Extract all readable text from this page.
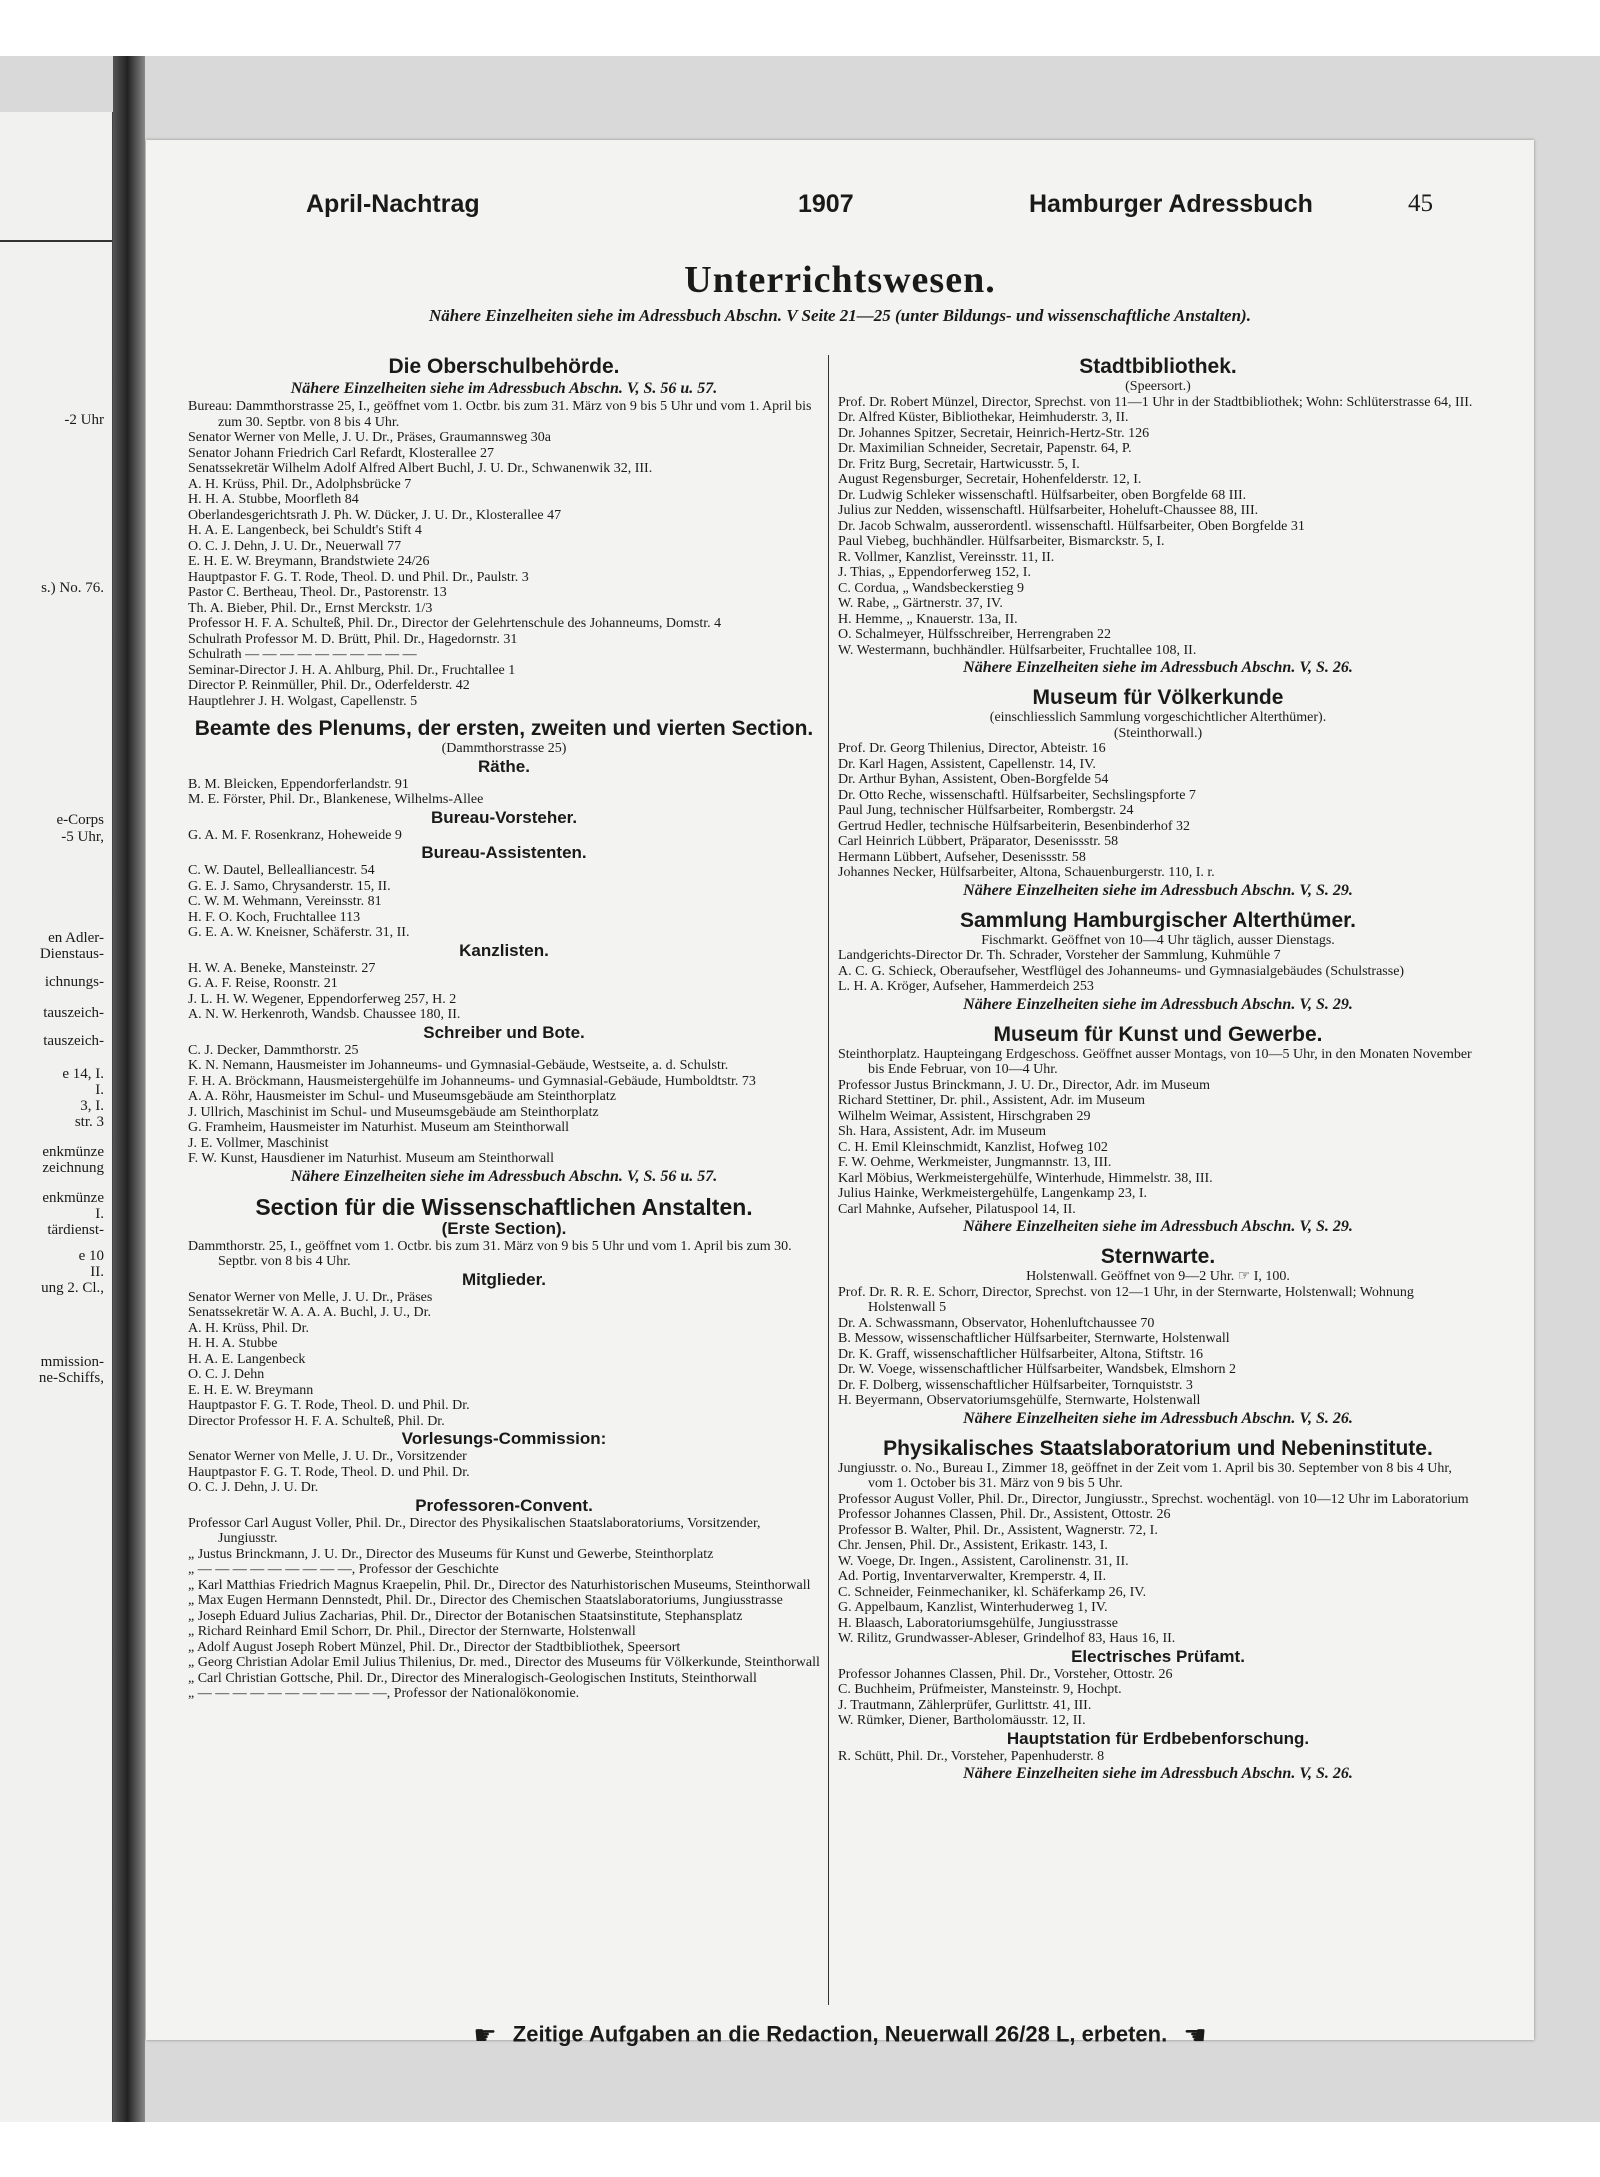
-2 Uhr
s.) No. 76.
e-Corps
-5 Uhr,
en Adler-
Dienstaus-
ichnungs-
tauszeich-
tauszeich-
e 14, I.
I.
3, I.
str. 3
enkmünze
zeichnung
enkmünze
I.
tärdienst-
e 10
II.
ung 2. Cl.,
mmission-
ne-Schiffs,
April-Nachtrag	1907	Hamburger Adressbuch	45
Unterrichtswesen.
Nähere Einzelheiten siehe im Adressbuch Abschn. V Seite 21—25 (unter Bildungs- und wissenschaftliche Anstalten).
Die Oberschulbehörde.
Nähere Einzelheiten siehe im Adressbuch Abschn. V, S. 56 u. 57.
Bureau: Dammthorstrasse 25, I., geöffnet vom 1. Octbr. bis zum 31. März von 9 bis 5 Uhr und vom 1. April bis zum 30. Septbr. von 8 bis 4 Uhr.
Senator Werner von Melle, J. U. Dr., Präses, Graumannsweg 30a
Senator Johann Friedrich Carl Refardt, Klosterallee 27
Senatssekretär Wilhelm Adolf Alfred Albert Buchl, J. U. Dr., Schwanenwik 32, III.
A. H. Krüss, Phil. Dr., Adolphsbrücke 7
H. H. A. Stubbe, Moorfleth 84
Oberlandesgerichtsrath J. Ph. W. Dücker, J. U. Dr., Klosterallee 47
H. A. E. Langenbeck, bei Schuldt's Stift 4
O. C. J. Dehn, J. U. Dr., Neuerwall 77
E. H. E. W. Breymann, Brandstwiete 24/26
Hauptpastor F. G. T. Rode, Theol. D. und Phil. Dr., Paulstr. 3
Pastor C. Bertheau, Theol. Dr., Pastorenstr. 13
Th. A. Bieber, Phil. Dr., Ernst Merckstr. 1/3
Professor H. F. A. Schulteß, Phil. Dr., Director der Gelehrtenschule des Johanneums, Domstr. 4
Schulrath Professor M. D. Brütt, Phil. Dr., Hagedornstr. 31
Schulrath — — — — — — — — — —
Seminar-Director J. H. A. Ahlburg, Phil. Dr., Fruchtallee 1
Director P. Reinmüller, Phil. Dr., Oderfelderstr. 42
Hauptlehrer J. H. Wolgast, Capellenstr. 5
Beamte des Plenums, der ersten, zweiten und vierten Section.
(Dammthorstrasse 25)
Räthe.
B. M. Bleicken, Eppendorferlandstr. 91
M. E. Förster, Phil. Dr., Blankenese, Wilhelms-Allee
Bureau-Vorsteher.
G. A. M. F. Rosenkranz, Hoheweide 9
Bureau-Assistenten.
C. W. Dautel, Bellealliancestr. 54
G. E. J. Samo, Chrysanderstr. 15, II.
C. W. M. Wehmann, Vereinsstr. 81
H. F. O. Koch, Fruchtallee 113
G. E. A. W. Kneisner, Schäferstr. 31, II.
Kanzlisten.
H. W. A. Beneke, Mansteinstr. 27
G. A. F. Reise, Roonstr. 21
J. L. H. W. Wegener, Eppendorferweg 257, H. 2
A. N. W. Herkenroth, Wandsb. Chaussee 180, II.
Schreiber und Bote.
C. J. Decker, Dammthorstr. 25
K. N. Nemann, Hausmeister im Johanneums- und Gymnasial-Gebäude, Westseite, a. d. Schulstr.
F. H. A. Bröckmann, Hausmeistergehülfe im Johanneums- und Gymnasial-Gebäude, Humboldtstr. 73
A. A. Röhr, Hausmeister im Schul- und Museumsgebäude am Steinthorplatz
J. Ullrich, Maschinist im Schul- und Museumsgebäude am Steinthorplatz
G. Framheim, Hausmeister im Naturhist. Museum am Steinthorwall
J. E. Vollmer, Maschinist
F. W. Kunst, Hausdiener im Naturhist. Museum am Steinthorwall
Nähere Einzelheiten siehe im Adressbuch Abschn. V, S. 56 u. 57.
Section für die Wissenschaftlichen Anstalten.
(Erste Section).
Dammthorstr. 25, I., geöffnet vom 1. Octbr. bis zum 31. März von 9 bis 5 Uhr und vom 1. April bis zum 30. Septbr. von 8 bis 4 Uhr.
Mitglieder.
Senator Werner von Melle, J. U. Dr., Präses
Senatssekretär W. A. A. A. Buchl, J. U., Dr.
A. H. Krüss, Phil. Dr.
H. H. A. Stubbe
H. A. E. Langenbeck
O. C. J. Dehn
E. H. E. W. Breymann
Hauptpastor F. G. T. Rode, Theol. D. und Phil. Dr.
Director Professor H. F. A. Schulteß, Phil. Dr.
Vorlesungs-Commission:
Senator Werner von Melle, J. U. Dr., Vorsitzender
Hauptpastor F. G. T. Rode, Theol. D. und Phil. Dr.
O. C. J. Dehn, J. U. Dr.
Professoren-Convent.
Professor Carl August Voller, Phil. Dr., Director des Physikalischen Staatslaboratoriums, Vorsitzender, Jungiusstr.
„ Justus Brinckmann, J. U. Dr., Director des Museums für Kunst und Gewerbe, Steinthorplatz
„ — — — — — — — — —, Professor der Geschichte
„ Karl Matthias Friedrich Magnus Kraepelin, Phil. Dr., Director des Naturhistorischen Museums, Steinthorwall
„ Max Eugen Hermann Dennstedt, Phil. Dr., Director des Chemischen Staatslaboratoriums, Jungiusstrasse
„ Joseph Eduard Julius Zacharias, Phil. Dr., Director der Botanischen Staatsinstitute, Stephansplatz
„ Richard Reinhard Emil Schorr, Dr. Phil., Director der Sternwarte, Holstenwall
„ Adolf August Joseph Robert Münzel, Phil. Dr., Director der Stadtbibliothek, Speersort
„ Georg Christian Adolar Emil Julius Thilenius, Dr. med., Director des Museums für Völkerkunde, Steinthorwall
„ Carl Christian Gottsche, Phil. Dr., Director des Mineralogisch-Geologischen Instituts, Steinthorwall
„ — — — — — — — — — — —, Professor der Nationalökonomie.
Stadtbibliothek.
(Speersort.)
Prof. Dr. Robert Münzel, Director, Sprechst. von 11—1 Uhr in der Stadtbibliothek; Wohn: Schlüterstrasse 64, III.
Dr. Alfred Küster, Bibliothekar, Heimhuderstr. 3, II.
Dr. Johannes Spitzer, Secretair, Heinrich-Hertz-Str. 126
Dr. Maximilian Schneider, Secretair, Papenstr. 64, P.
Dr. Fritz Burg, Secretair, Hartwicusstr. 5, I.
August Regensburger, Secretair, Hohenfelderstr. 12, I.
Dr. Ludwig Schleker wissenschaftl. Hülfsarbeiter, oben Borgfelde 68 III.
Julius zur Nedden, wissenschaftl. Hülfsarbeiter, Hoheluft-Chaussee 88, III.
Dr. Jacob Schwalm, ausserordentl. wissenschaftl. Hülfsarbeiter, Oben Borgfelde 31
Paul Viebeg, buchhändler. Hülfsarbeiter, Bismarckstr. 5, I.
R. Vollmer, Kanzlist, Vereinsstr. 11, II.
J. Thias, „ Eppendorferweg 152, I.
C. Cordua, „ Wandsbeckerstieg 9
W. Rabe, „ Gärtnerstr. 37, IV.
H. Hemme, „ Knauerstr. 13a, II.
O. Schalmeyer, Hülfsschreiber, Herrengraben 22
W. Westermann, buchhändler. Hülfsarbeiter, Fruchtallee 108, II.
Nähere Einzelheiten siehe im Adressbuch Abschn. V, S. 26.
Museum für Völkerkunde
(einschliesslich Sammlung vorgeschichtlicher Alterthümer).
(Steinthorwall.)
Prof. Dr. Georg Thilenius, Director, Abteistr. 16
Dr. Karl Hagen, Assistent, Capellenstr. 14, IV.
Dr. Arthur Byhan, Assistent, Oben-Borgfelde 54
Dr. Otto Reche, wissenschaftl. Hülfsarbeiter, Sechslingspforte 7
Paul Jung, technischer Hülfsarbeiter, Rombergstr. 24
Gertrud Hedler, technische Hülfsarbeiterin, Besenbinderhof 32
Carl Heinrich Lübbert, Präparator, Desenissstr. 58
Hermann Lübbert, Aufseher, Desenissstr. 58
Johannes Necker, Hülfsarbeiter, Altona, Schauenburgerstr. 110, I. r.
Nähere Einzelheiten siehe im Adressbuch Abschn. V, S. 29.
Sammlung Hamburgischer Alterthümer.
Fischmarkt. Geöffnet von 10—4 Uhr täglich, ausser Dienstags.
Landgerichts-Director Dr. Th. Schrader, Vorsteher der Sammlung, Kuhmühle 7
A. C. G. Schieck, Oberaufseher, Westflügel des Johanneums- und Gymnasialgebäudes (Schulstrasse)
L. H. A. Kröger, Aufseher, Hammerdeich 253
Nähere Einzelheiten siehe im Adressbuch Abschn. V, S. 29.
Museum für Kunst und Gewerbe.
Steinthorplatz. Haupteingang Erdgeschoss. Geöffnet ausser Montags, von 10—5 Uhr, in den Monaten November bis Ende Februar, von 10—4 Uhr.
Professor Justus Brinckmann, J. U. Dr., Director, Adr. im Museum
Richard Stettiner, Dr. phil., Assistent, Adr. im Museum
Wilhelm Weimar, Assistent, Hirschgraben 29
Sh. Hara, Assistent, Adr. im Museum
C. H. Emil Kleinschmidt, Kanzlist, Hofweg 102
F. W. Oehme, Werkmeister, Jungmannstr. 13, III.
Karl Möbius, Werkmeistergehülfe, Winterhude, Himmelstr. 38, III.
Julius Hainke, Werkmeistergehülfe, Langenkamp 23, I.
Carl Mahnke, Aufseher, Pilatuspool 14, II.
Nähere Einzelheiten siehe im Adressbuch Abschn. V, S. 29.
Sternwarte.
Holstenwall. Geöffnet von 9—2 Uhr. ☞ I, 100.
Prof. Dr. R. R. E. Schorr, Director, Sprechst. von 12—1 Uhr, in der Sternwarte, Holstenwall; Wohnung Holstenwall 5
Dr. A. Schwassmann, Observator, Hohenluftchaussee 70
B. Messow, wissenschaftlicher Hülfsarbeiter, Sternwarte, Holstenwall
Dr. K. Graff, wissenschaftlicher Hülfsarbeiter, Altona, Stiftstr. 16
Dr. W. Voege, wissenschaftlicher Hülfsarbeiter, Wandsbek, Elmshorn 2
Dr. F. Dolberg, wissenschaftlicher Hülfsarbeiter, Tornquiststr. 3
H. Beyermann, Observatoriumsgehülfe, Sternwarte, Holstenwall
Nähere Einzelheiten siehe im Adressbuch Abschn. V, S. 26.
Physikalisches Staatslaboratorium und Nebeninstitute.
Jungiusstr. o. No., Bureau I., Zimmer 18, geöffnet in der Zeit vom 1. April bis 30. September von 8 bis 4 Uhr, vom 1. October bis 31. März von 9 bis 5 Uhr.
Professor August Voller, Phil. Dr., Director, Jungiusstr., Sprechst. wochentägl. von 10—12 Uhr im Laboratorium
Professor Johannes Classen, Phil. Dr., Assistent, Ottostr. 26
Professor B. Walter, Phil. Dr., Assistent, Wagnerstr. 72, I.
Chr. Jensen, Phil. Dr., Assistent, Erikastr. 143, I.
W. Voege, Dr. Ingen., Assistent, Carolinenstr. 31, II.
Ad. Portig, Inventarverwalter, Kremperstr. 4, II.
C. Schneider, Feinmechaniker, kl. Schäferkamp 26, IV.
G. Appelbaum, Kanzlist, Winterhuderweg 1, IV.
H. Blaasch, Laboratoriumsgehülfe, Jungiusstrasse
W. Rilitz, Grundwasser-Ableser, Grindelhof 83, Haus 16, II.
Electrisches Prüfamt.
Professor Johannes Classen, Phil. Dr., Vorsteher, Ottostr. 26
C. Buchheim, Prüfmeister, Mansteinstr. 9, Hochpt.
J. Trautmann, Zählerprüfer, Gurlittstr. 41, III.
W. Rümker, Diener, Bartholomäusstr. 12, II.
Hauptstation für Erdbebenforschung.
R. Schütt, Phil. Dr., Vorsteher, Papenhuderstr. 8
Nähere Einzelheiten siehe im Adressbuch Abschn. V, S. 26.
☛ Zeitige Aufgaben an die Redaction, Neuerwall 26/28 L, erbeten. ☚
